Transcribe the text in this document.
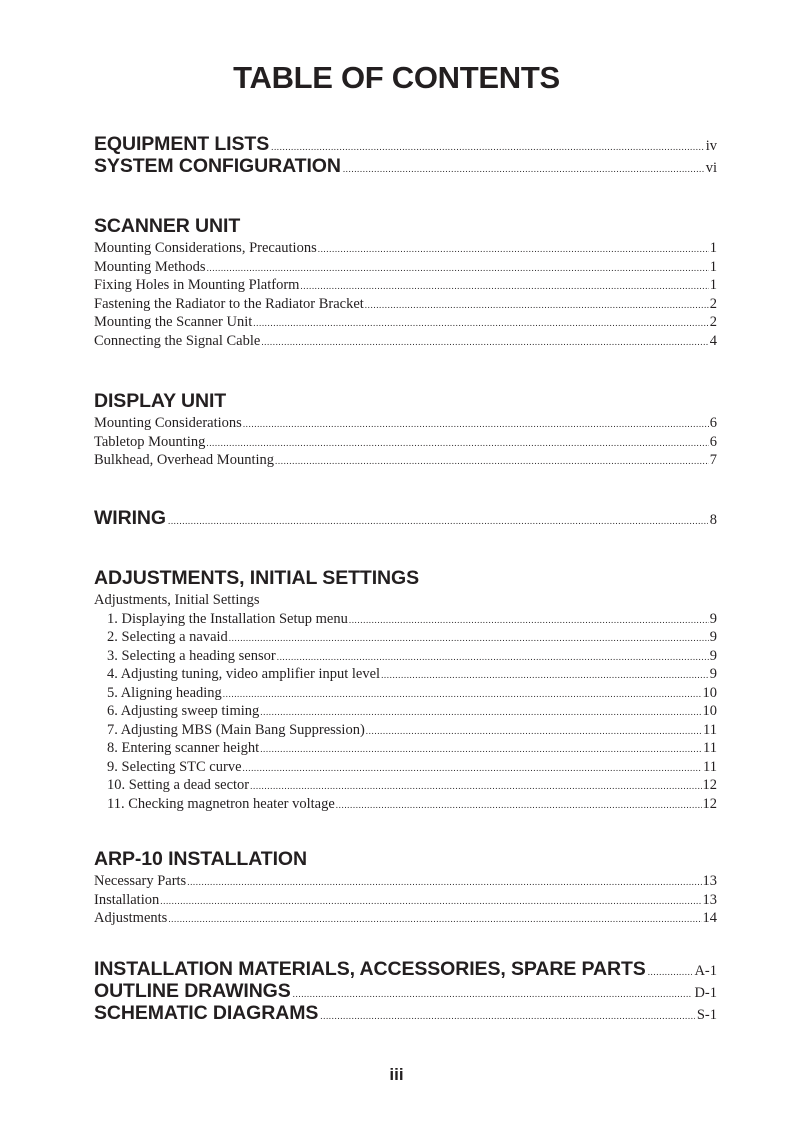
TABLE OF CONTENTS
EQUIPMENT LISTS .....	iv
SYSTEM CONFIGURATION .....	vi
SCANNER UNIT
Mounting Considerations, Precautions .....	1
Mounting Methods .....	1
Fixing Holes in Mounting Platform .....	1
Fastening the Radiator to the Radiator Bracket .....	2
Mounting the Scanner Unit .....	2
Connecting the Signal Cable .....	4
DISPLAY UNIT
Mounting Considerations .....	6
Tabletop Mounting .....	6
Bulkhead, Overhead Mounting .....	7
WIRING .....	8
ADJUSTMENTS, INITIAL SETTINGS
Adjustments, Initial Settings
1. Displaying the Installation Setup menu .....	9
2. Selecting a navaid .....	9
3. Selecting a heading sensor .....	9
4. Adjusting tuning, video amplifier input level .....	9
5. Aligning heading .....	10
6. Adjusting sweep timing .....	10
7. Adjusting MBS (Main Bang Suppression) .....	11
8. Entering scanner height .....	11
9. Selecting STC curve .....	11
10. Setting a dead sector .....	12
11. Checking magnetron heater voltage .....	12
ARP-10 INSTALLATION
Necessary Parts .....	13
Installation .....	13
Adjustments .....	14
INSTALLATION MATERIALS, ACCESSORIES, SPARE PARTS .....	A-1
OUTLINE DRAWINGS .....	D-1
SCHEMATIC DIAGRAMS .....	S-1
iii
